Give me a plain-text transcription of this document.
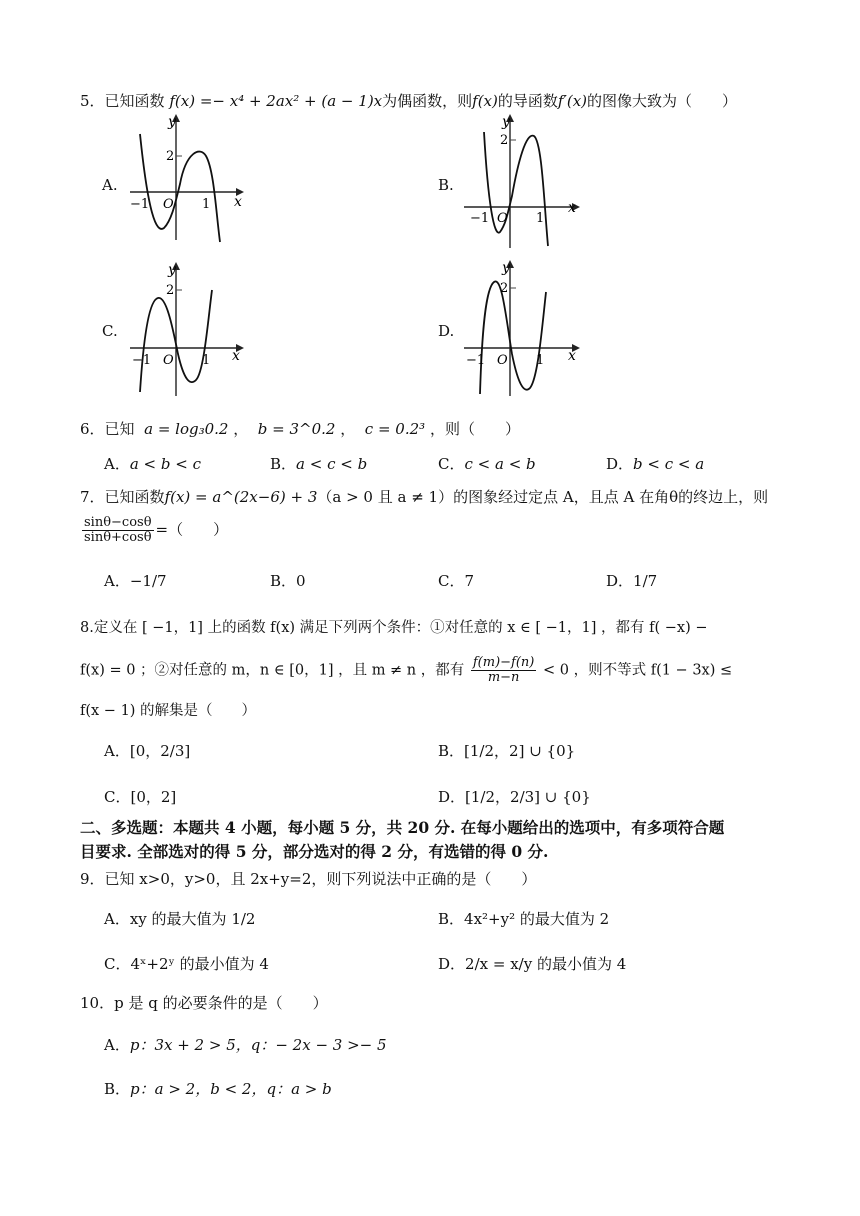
5．已知函数 f(x) =− x⁴ + 2ax² + (a − 1)x为偶函数，则f(x)的导函数f′(x)的图像大致为（　　）
A.	B.
C.	D.
y
2
−1 O 1 x
y
2
−1 O 1
x
y
2
−1 O 1 x
y
2
−1 O 1 x
6．已知 a = log₃0.2 ，  b = 3^0.2 ，  c = 0.2³ ，则（　　）
A．a < b < c	B．a < c < b	C．c < a < b	D．b < c < a
7．已知函数f(x) = a^(2x−6) + 3（a > 0 且 a ≠ 1）的图象经过定点 A，且点 A 在角θ的终边上，则
$\frac{\sin\theta-\cos\theta}{\sin\theta+\cos\theta}$ =（　　）
A．−1/7	B．0	C．7	D．1/7
8.定义在 [ −1，1] 上的函数 f(x) 满足下列两个条件：①对任意的 x ∈ [ −1，1] ，都有 f( −x) −
f(x) = 0 ；②对任意的 m，n ∈ [0，1] ，且 m ≠ n ，都有 $\frac{f(m)-f(n)}{m-n} < 0$ ，则不等式 f(1 − 3x) ≤
f(x − 1) 的解集是（　　）
A．[0，2/3]	B．[1/2，2] ∪ {0}
C．[0，2]	D．[1/2，2/3] ∪ {0}
二、多选题：本题共 4 小题，每小题 5 分，共 20 分. 在每小题给出的选项中，有多项符合题
目要求. 全部选对的得 5 分，部分选对的得 2 分，有选错的得 0 分.
9．已知 x>0，y>0，且 2x+y=2，则下列说法中正确的是（　　）
A．xy 的最大值为 1/2	B．4x²+y² 的最大值为 2
C．4ˣ+2ʸ 的最小值为 4	D．2/x = x/y 的最小值为 4
10．p 是 q 的必要条件的是（　　）
A．p：3x + 2 > 5，q：− 2x − 3 >− 5
B．p：a > 2，b < 2，q：a > b
